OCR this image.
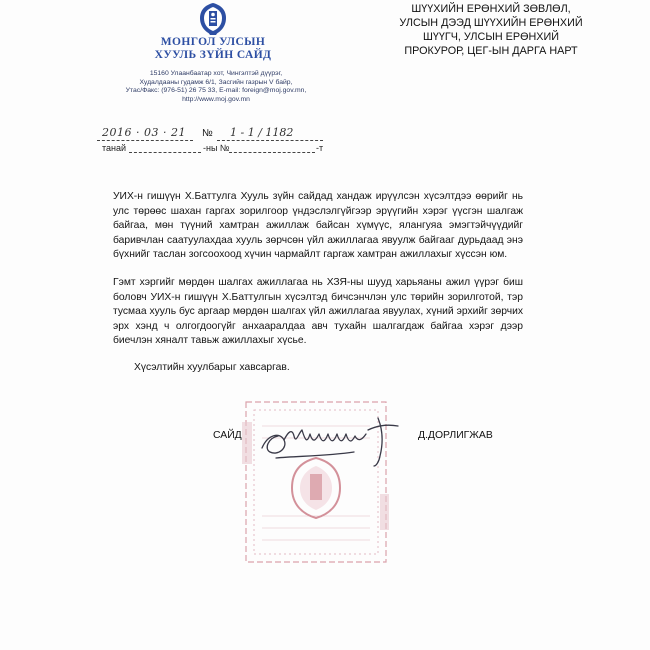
МОНГОЛ УЛСЫН
ХУУЛЬ ЗҮЙН САЙД
15160 Улаанбаатар хот, Чингэлтэй дүүрэг,
Худалдааны гудамж 6/1, Засгийн газрын V байр,
Утас/Факс: (976-51) 26 75 33, E-mail: foreign@moj.gov.mn,
http://www.moj.gov.mn
ШҮҮХИЙН ЕРӨНХИЙ ЗӨВЛӨЛ,
УЛСЫН ДЭЭД ШҮҮХИЙН ЕРӨНХИЙ
ШҮҮГЧ, УЛСЫН ЕРӨНХИЙ
ПРОКУРОР, ЦЕГ-ЫН ДАРГА НАРТ
2016 · 03 · 21 № 1 - 1 / 1182
танай	-ны №	-т
УИХ-н гишүүн Х.Баттулга Хууль зүйн сайдад хандаж ирүүлсэн хүсэлтдээ өөрийг нь улс төрөөс шахан гаргах зорилгоор үндэслэлгүйгээр эрүүгийн хэрэг үүсгэн шалгаж байгаа, мөн түүний хамтран ажиллаж байсан хүмүүс, ялангуяа эмэгтэйчүүдийг баривчлан саатуулахдаа хууль зөрчсөн үйл ажиллагаа явуулж байгааг дурьдаад энэ бүхнийг таслан зогсоохоод хүчин чармайлт гаргаж хамтран ажиллахыг хүссэн юм.
Гэмт хэргийг мөрдөн шалгах ажиллагаа нь ХЗЯ-ны шууд харьяаны ажил үүрэг биш боловч УИХ-н гишүүн Х.Баттулгын хүсэлтэд бичсэнчлэн улс төрийн зорилготой, тэр тусмаа хууль бус аргаар мөрдөн шалгах үйл ажиллагаа явуулах, хүний эрхийг зөрчих эрх хэнд ч олгогдоогүйг анхааралдаа авч тухайн шалгагдаж байгаа хэрэг дээр биечлэн хяналт тавьж ажиллахыг хүсье.
Хүсэлтийн хуулбарыг хавсаргав.
САЙД	Д.ДОРЛИГЖАВ
